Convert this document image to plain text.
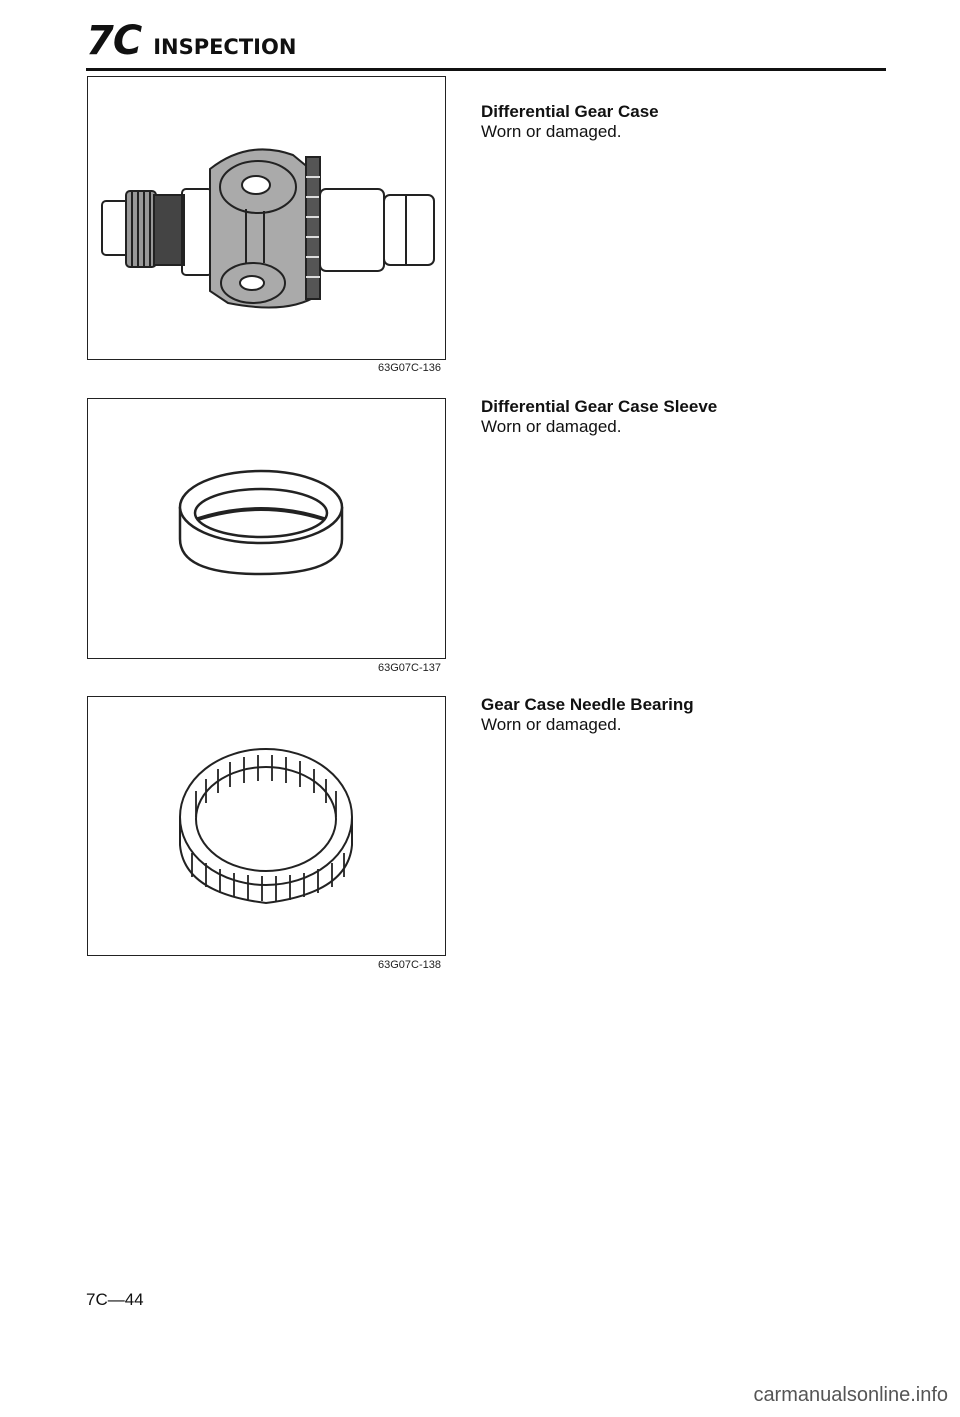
7C INSPECTION
63G07C-136
63G07C-137
63G07C-138
Differential Gear Case
Worn or damaged.
Differential Gear Case Sleeve
Worn or damaged.
Gear Case Needle Bearing
Worn or damaged.
7C—44
carmanualsonline.info
